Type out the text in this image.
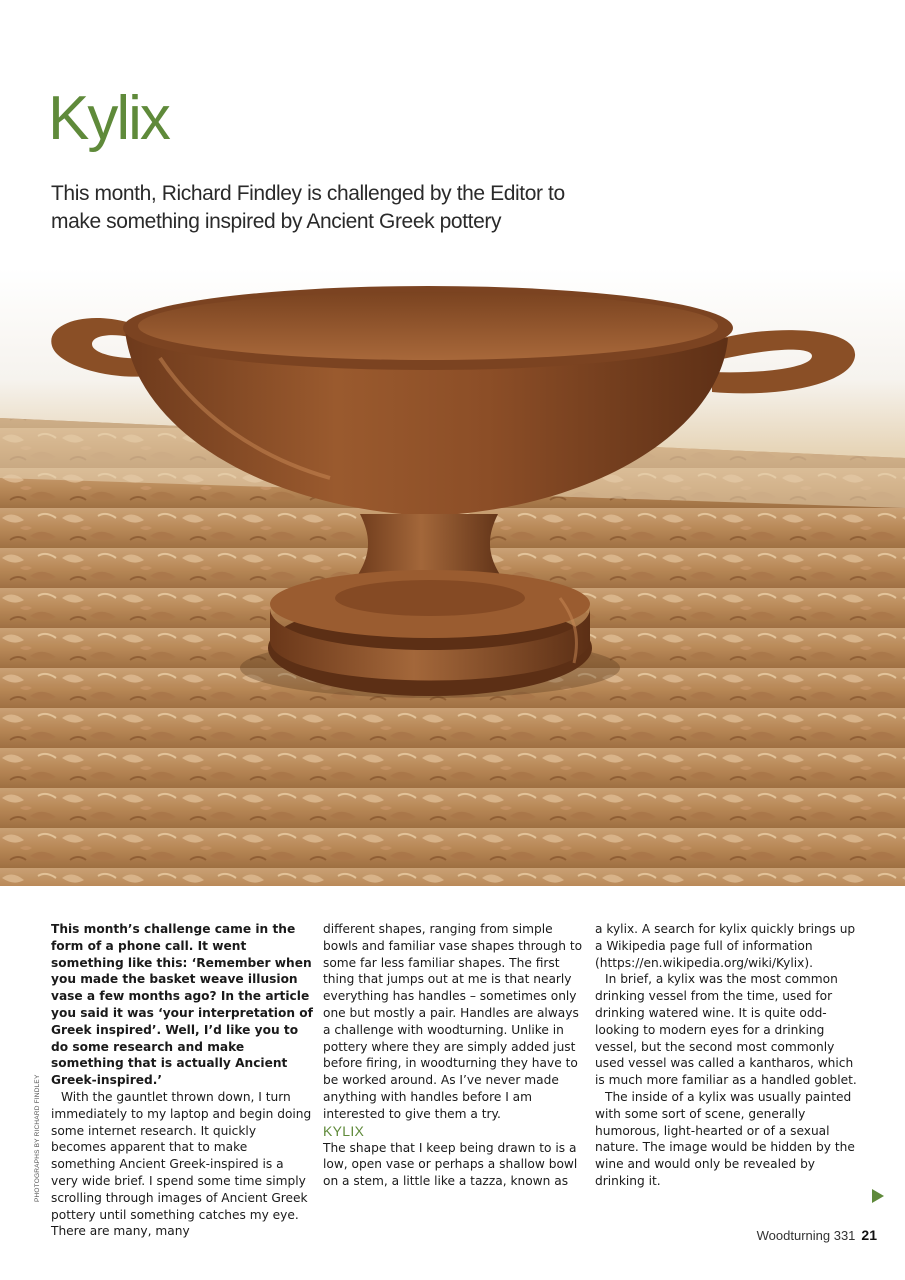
Kylix
This month, Richard Findley is challenged by the Editor to make something inspired by Ancient Greek pottery
PHOTOGRAPHS BY RICHARD FINDLEY

This month’s challenge came in the form of a phone call. It went something like this: ‘Remember when you made the basket weave illusion vase a few months ago? In the article you said it was ‘your interpretation of Greek inspired’. Well, I’d like you to do some research and make something that is actually Ancient Greek-inspired.’

With the gauntlet thrown down, I turn immediately to my laptop and begin doing some internet research. It quickly becomes apparent that to make something Ancient Greek-inspired is a very wide brief. I spend some time simply scrolling through images of Ancient Greek pottery until something catches my eye. There are many, many

different shapes, ranging from simple bowls and familiar vase shapes through to some far less familiar shapes. The first thing that jumps out at me is that nearly everything has handles – sometimes only one but mostly a pair. Handles are always a challenge with woodturning. Unlike in pottery where they are simply added just before firing, in woodturning they have to be worked around. As I’ve never made anything with handles before I am interested to give them a try.

KYLIX

The shape that I keep being drawn to is a low, open vase or perhaps a shallow bowl on a stem, a little like a tazza, known as

a kylix. A search for kylix quickly brings up a Wikipedia page full of information (https://en.wikipedia.org/wiki/Kylix).

In brief, a kylix was the most common drinking vessel from the time, used for drinking watered wine. It is quite odd-looking to modern eyes for a drinking vessel, but the second most commonly used vessel was called a kantharos, which is much more familiar as a handled goblet.

The inside of a kylix was usually painted with some sort of scene, generally humorous, light-hearted or of a sexual nature. The image would be hidden by the wine and would only be revealed by drinking it.

Woodturning 331 21
